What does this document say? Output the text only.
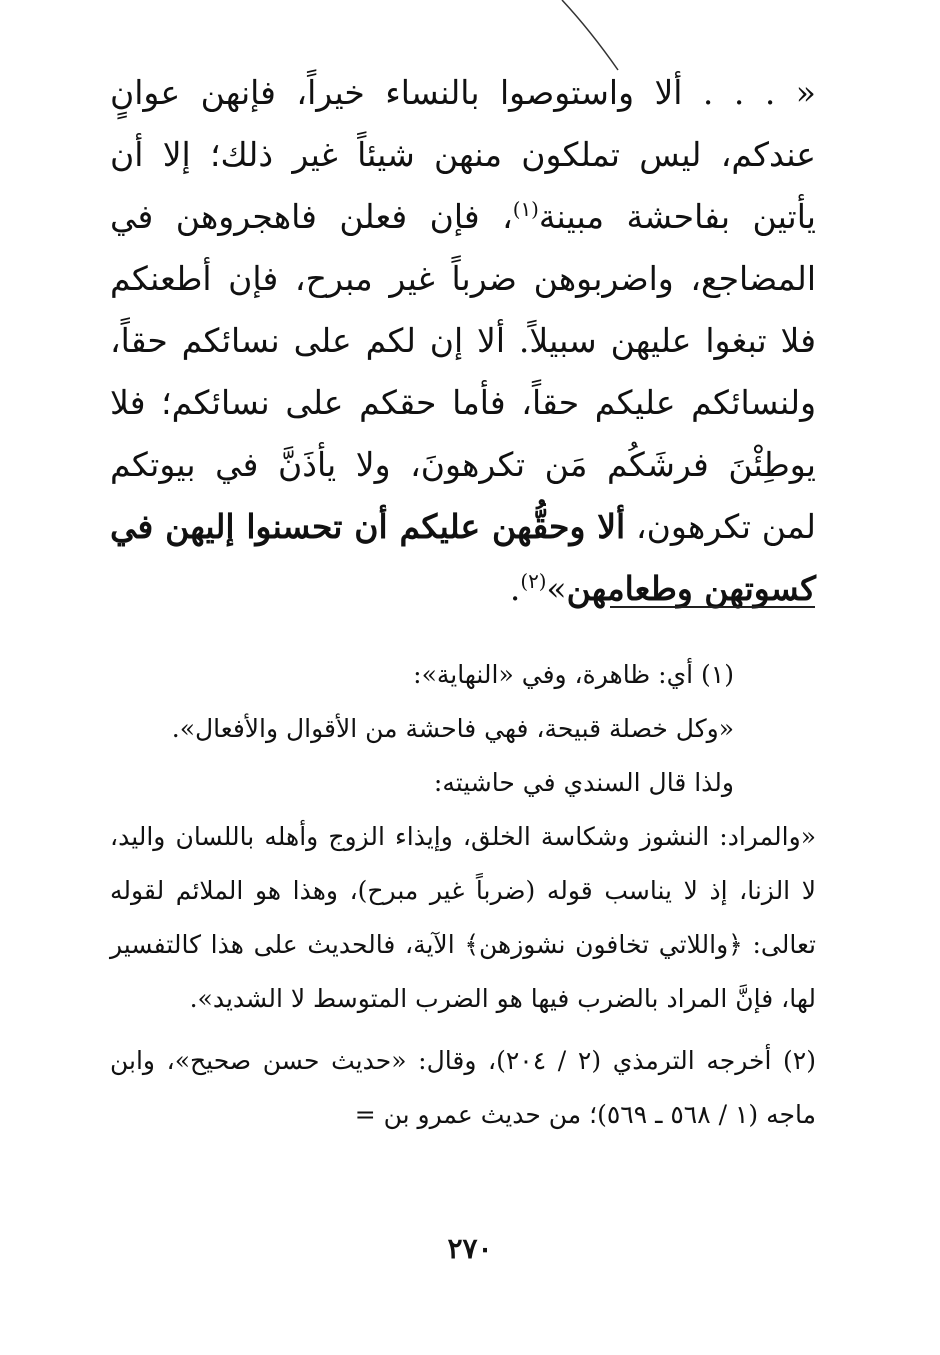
« . . . ألا واستوصوا بالنساء خيراً، فإنهن عوانٍ عندكم، ليس تملكون منهن شيئاً غير ذلك؛ إلا أن يأتين بفاحشة مبينة$^{(١)}$، فإن فعلن فاهجروهن في المضاجع، واضربوهن ضرباً غير مبرح، فإن أطعنكم فلا تبغوا عليهن سبيلاً. ألا إن لكم على نسائكم حقاً، ولنسائكم عليكم حقاً، فأما حقكم على نسائكم؛ فلا يوطِئْنَ فرشَكُم مَن تكرهونَ، ولا يأذَنَّ في بيوتكم لمن تكرهون، ألا وحقُّهن عليكم أن تحسنوا إليهن في كسوتهن وطعامهن»$^{(٢)}$.

(١) أي: ظاهرة، وفي «النهاية»:

«وكل خصلة قبيحة، فهي فاحشة من الأقوال والأفعال».

ولذا قال السندي في حاشيته:

«والمراد: النشوز وشكاسة الخلق، وإيذاء الزوج وأهله باللسان واليد، لا الزنا، إذ لا يناسب قوله (ضرباً غير مبرح)، وهذا هو الملائم لقوله تعالى: ﴿واللاتي تخافون نشوزهن﴾ الآية، فالحديث على هذا كالتفسير لها، فإنَّ المراد بالضرب فيها هو الضرب المتوسط لا الشديد».

(٢) أخرجه الترمذي (٢ / ٢٠٤)، وقال: «حديث حسن صحيح»، وابن ماجه (١ / ٥٦٨ ـ ٥٦٩)؛ من حديث عمرو بن =

٢٧٠
